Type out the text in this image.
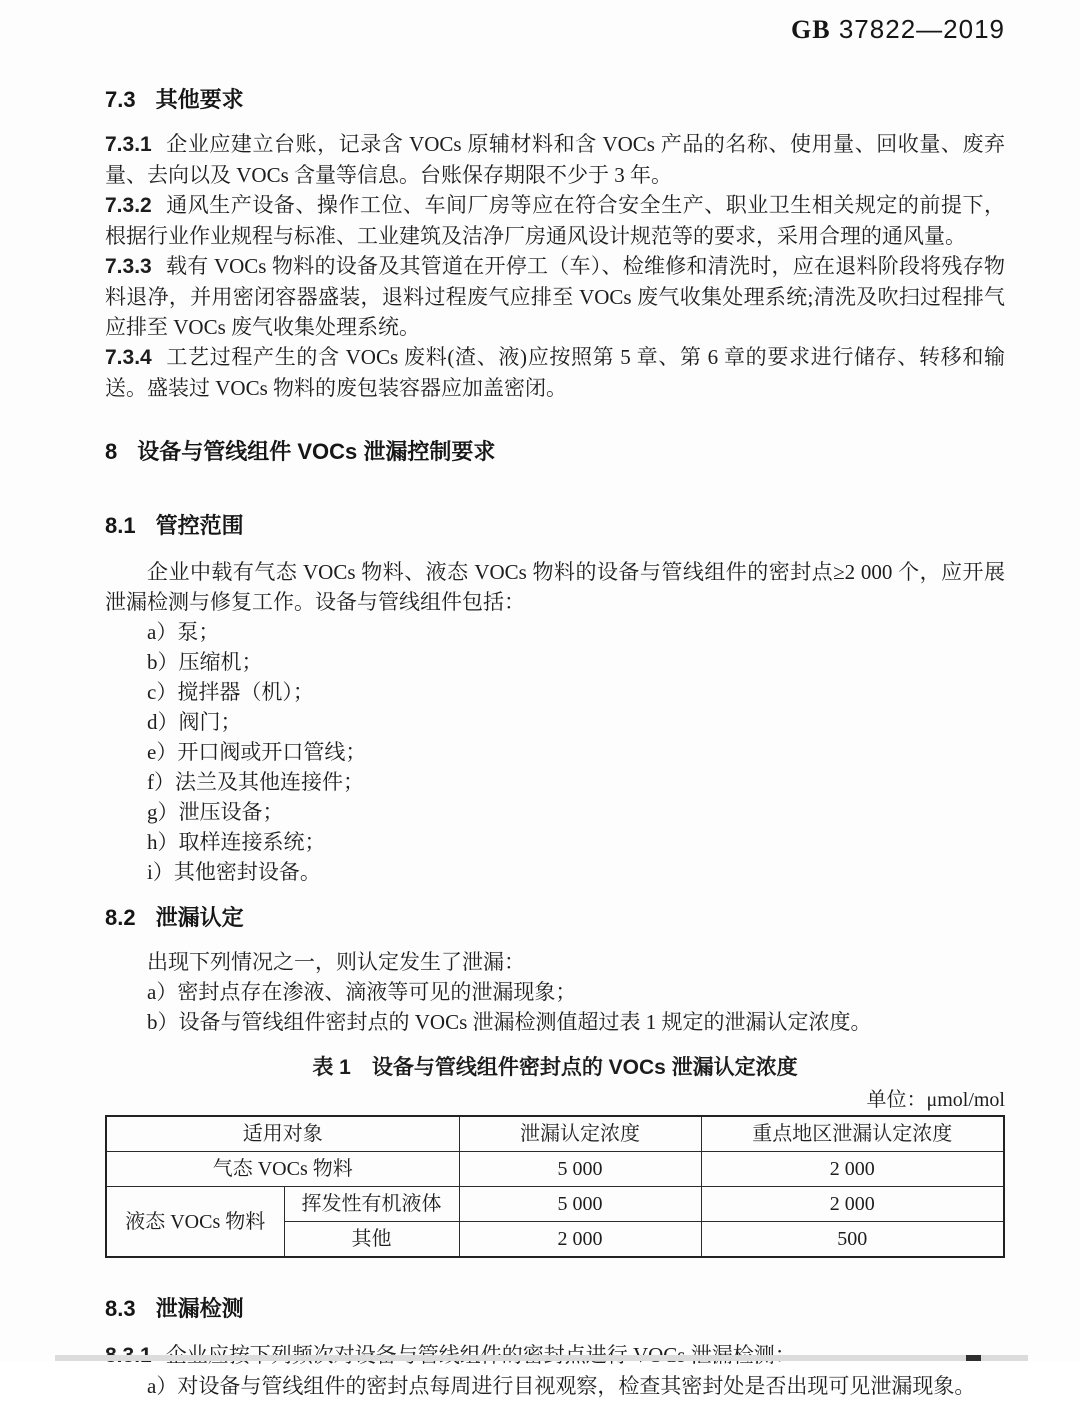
GB 37822—2019
7.3 其他要求

7.3.1 企业应建立台账，记录含 VOCs 原辅材料和含 VOCs 产品的名称、使用量、回收量、废弃量、去向以及 VOCs 含量等信息。台账保存期限不少于 3 年。

7.3.2 通风生产设备、操作工位、车间厂房等应在符合安全生产、职业卫生相关规定的前提下，根据行业作业规程与标准、工业建筑及洁净厂房通风设计规范等的要求，采用合理的通风量。

7.3.3 载有 VOCs 物料的设备及其管道在开停工（车）、检维修和清洗时，应在退料阶段将残存物料退净，并用密闭容器盛装，退料过程废气应排至 VOCs 废气收集处理系统;清洗及吹扫过程排气应排至 VOCs 废气收集处理系统。

7.3.4 工艺过程产生的含 VOCs 废料(渣、液)应按照第 5 章、第 6 章的要求进行储存、转移和输送。盛装过 VOCs 物料的废包装容器应加盖密闭。

8 设备与管线组件 VOCs 泄漏控制要求
8.1 管控范围

企业中载有气态 VOCs 物料、液态 VOCs 物料的设备与管线组件的密封点≥2 000 个，应开展泄漏检测与修复工作。设备与管线组件包括：

a）泵；

b）压缩机；

c）搅拌器（机）；

d）阀门；

e）开口阀或开口管线；

f）法兰及其他连接件；

g）泄压设备；

h）取样连接系统；

i）其他密封设备。

8.2 泄漏认定

出现下列情况之一，则认定发生了泄漏：

a）密封点存在渗液、滴液等可见的泄漏现象；

b）设备与管线组件密封点的 VOCs 泄漏检测值超过表 1 规定的泄漏认定浓度。

表 1　设备与管线组件密封点的 VOCs 泄漏认定浓度

单位：μmol/mol

适用对象		泄漏认定浓度	重点地区泄漏认定浓度
气态 VOCs 物料		5 000	2 000
液态 VOCs 物料	挥发性有机液体	5 000	2 000
	其他	2 000	500
8.3 泄漏检测

a）对设备与管线组件的密封点每周进行目视观察，检查其密封处是否出现可见泄漏现象。
